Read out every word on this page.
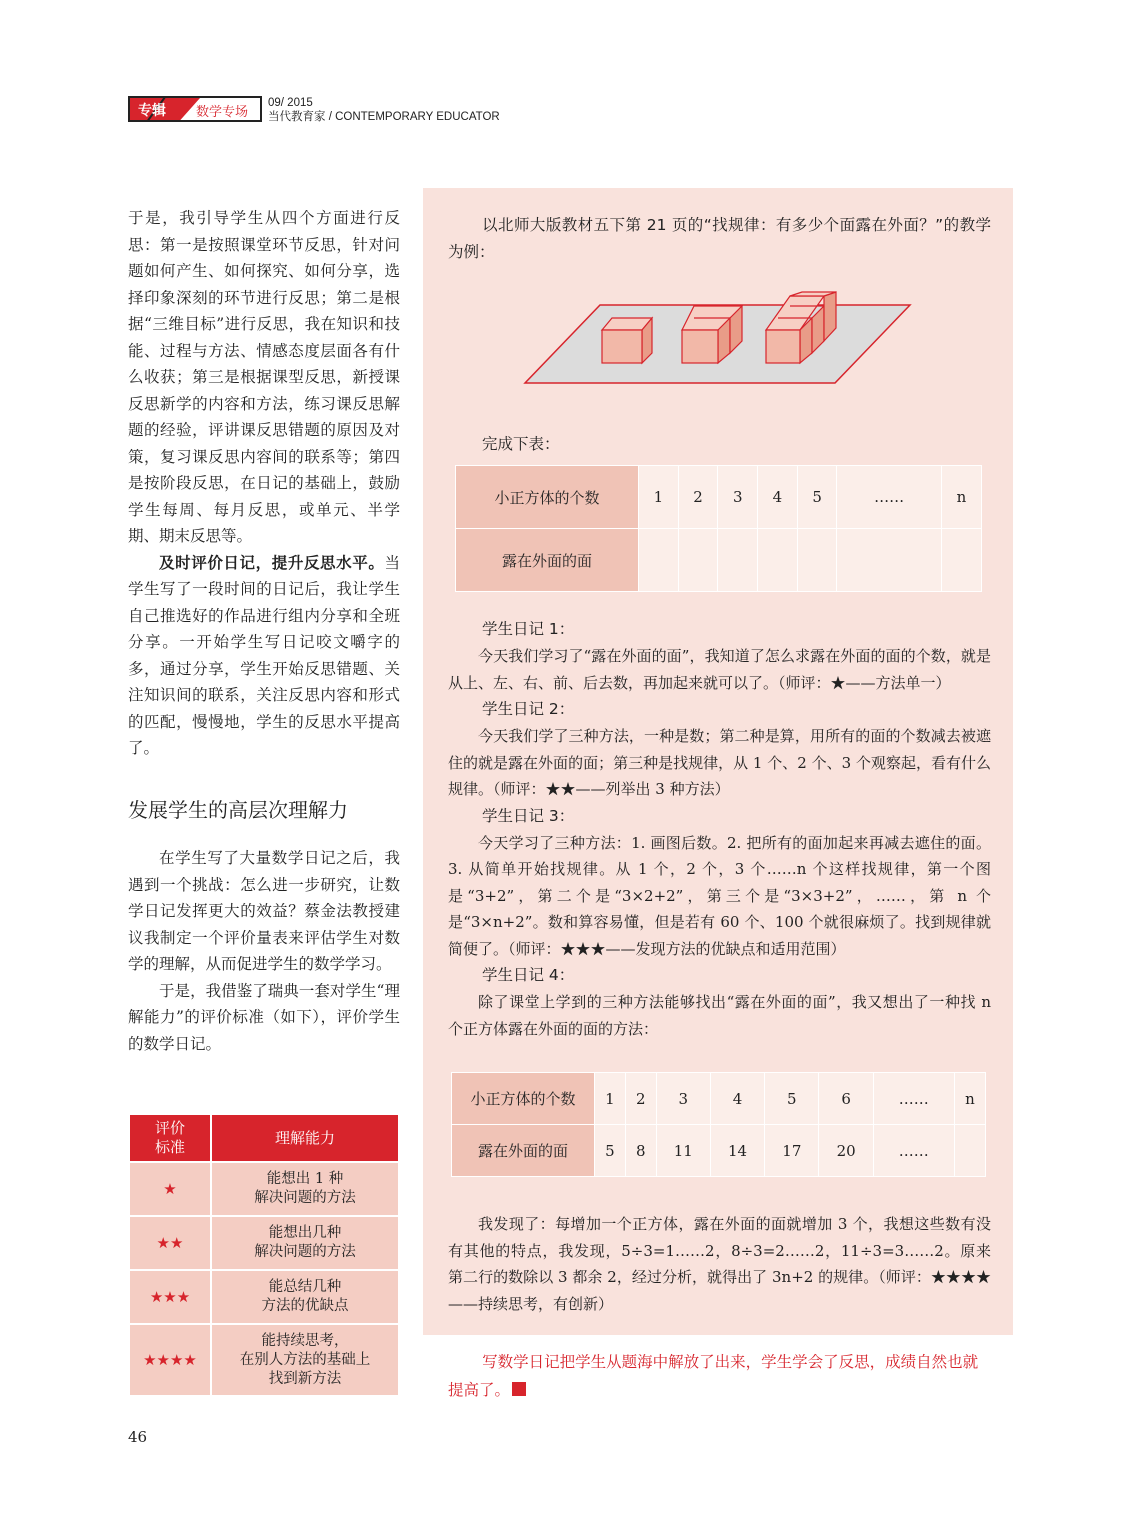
专辑 数学专场
09/ 2015
当代教育家 / CONTEMPORARY EDUCATOR

于是，我引导学生从四个方面进行反思：第一是按照课堂环节反思，针对问题如何产生、如何探究、如何分享，选择印象深刻的环节进行反思；第二是根据“三维目标”进行反思，我在知识和技能、过程与方法、情感态度层面各有什么收获；第三是根据课型反思，新授课反思新学的内容和方法，练习课反思解题的经验，评讲课反思错题的原因及对策，复习课反思内容间的联系等；第四是按阶段反思，在日记的基础上，鼓励学生每周、每月反思，或单元、半学期、期末反思等。

及时评价日记，提升反思水平。当学生写了一段时间的日记后，我让学生自己推选好的作品进行组内分享和全班分享。一开始学生写日记咬文嚼字的多，通过分享，学生开始反思错题、关注知识间的联系，关注反思内容和形式的匹配，慢慢地，学生的反思水平提高了。

发展学生的高层次理解力

在学生写了大量数学日记之后，我遇到一个挑战：怎么进一步研究，让数学日记发挥更大的效益？蔡金法教授建议我制定一个评价量表来评估学生对数学的理解，从而促进学生的数学学习。

于是，我借鉴了瑞典一套对学生“理解能力”的评价标准（如下），评价学生的数学日记。

评价
标准	理解能力
★	能想出 1 种
解决问题的方法
★★	能想出几种
解决问题的方法
★★★	能总结几种
方法的优缺点
★★★★	能持续思考，
在别人方法的基础上
找到新方法
46
以北师大版教材五下第 21 页的“找规律：有多少个面露在外面？”的教学为例：
完成下表：
小正方体的个数	1	2	3	4	5	……	n
露在外面的面							
学生日记 1：

今天我们学习了“露在外面的面”，我知道了怎么求露在外面的面的个数，就是从上、左、右、前、后去数，再加起来就可以了。（师评：★——方法单一）

学生日记 2：

今天我们学了三种方法，一种是数；第二种是算，用所有的面的个数减去被遮住的就是露在外面的面；第三种是找规律，从 1 个、2 个、3 个观察起，看有什么规律。（师评：★★——列举出 3 种方法）

学生日记 3：

今天学习了三种方法：1. 画图后数。2. 把所有的面加起来再减去遮住的面。3. 从简单开始找规律。从 1 个，2 个，3 个……n 个这样找规律，第一个图是“3+2”，第二个是“3×2+2”，第三个是“3×3+2”，……，第 n 个是“3×n+2”。数和算容易懂，但是若有 60 个、100 个就很麻烦了。找到规律就简便了。（师评：★★★——发现方法的优缺点和适用范围）

学生日记 4：

除了课堂上学到的三种方法能够找出“露在外面的面”，我又想出了一种找 n 个正方体露在外面的面的方法：

小正方体的个数	1	2	3	4	5	6	……	n
露在外面的面	5	8	11	14	17	20	……	

我发现了：每增加一个正方体，露在外面的面就增加 3 个，我想这些数有没有其他的特点，我发现，5÷3=1……2，8÷3=2……2，11÷3=3……2。原来第二行的数除以 3 都余 2，经过分析，就得出了 3n+2 的规律。（师评：★★★★——持续思考，有创新）

写数学日记把学生从题海中解放了出来，学生学会了反思，成绩自然也就提高了。
